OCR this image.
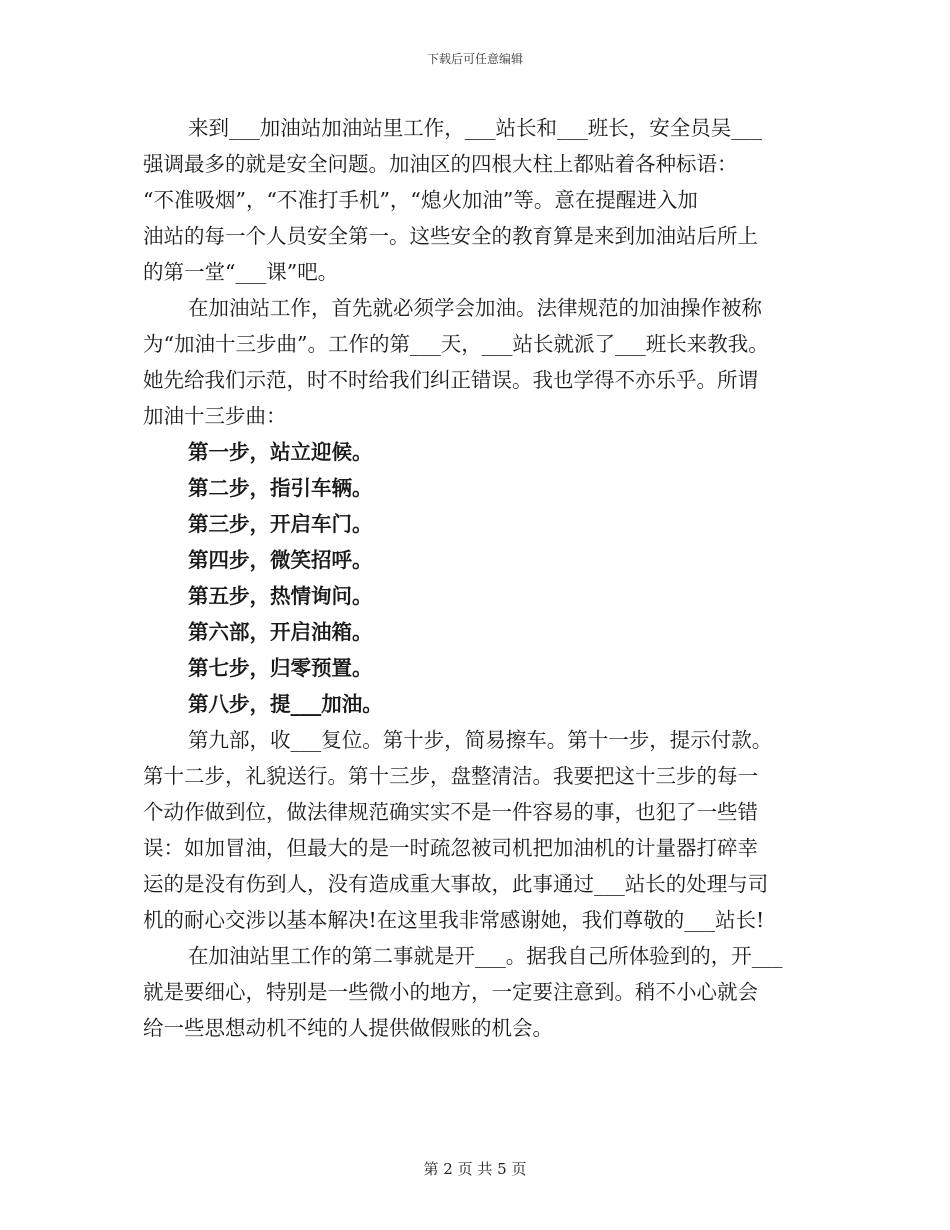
下载后可任意编辑
来到___加油站加油站里工作，___站长和___班长，安全员吴___
强调最多的就是安全问题。加油区的四根大柱上都贴着各种标语：
“不准吸烟”，“不准打手机”，“熄火加油”等。意在提醒进入加
油站的每一个人员安全第一。这些安全的教育算是来到加油站后所上
的第一堂“___课”吧。
在加油站工作，首先就必须学会加油。法律规范的加油操作被称
为“加油十三步曲”。工作的第___天，___站长就派了___班长来教我。
她先给我们示范，时不时给我们纠正错误。我也学得不亦乐乎。所谓
加油十三步曲：
第一步，站立迎候。
第二步，指引车辆。
第三步，开启车门。
第四步，微笑招呼。
第五步，热情询问。
第六部，开启油箱。
第七步，归零预置。
第八步，提___加油。
第九部，收___复位。第十步，简易擦车。第十一步，提示付款。
第十二步，礼貌送行。第十三步，盘整清洁。我要把这十三步的每一
个动作做到位，做法律规范确实实不是一件容易的事，也犯了一些错
误：如加冒油，但最大的是一时疏忽被司机把加油机的计量器打碎幸
运的是没有伤到人，没有造成重大事故，此事通过___站长的处理与司
机的耐心交涉以基本解决!在这里我非常感谢她，我们尊敬的___站长!
在加油站里工作的第二事就是开___。据我自己所体验到的，开___
就是要细心，特别是一些微小的地方，一定要注意到。稍不小心就会
给一些思想动机不纯的人提供做假账的机会。
第 2 页 共 5 页
